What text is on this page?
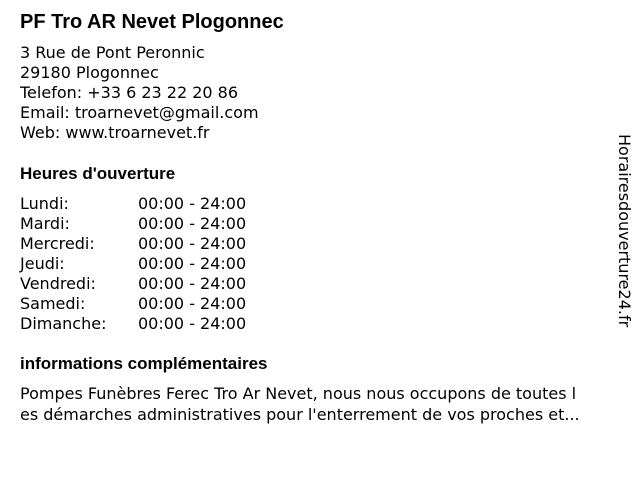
PF Tro AR Nevet Plogonnec
3 Rue de Pont Peronnic
29180 Plogonnec
Telefon: +33 6 23 22 20 86
Email: troarnevet@gmail.com
Web: www.troarnevet.fr
Heures d'ouverture
Lundi:	00:00 - 24:00
Mardi:	00:00 - 24:00
Mercredi:	00:00 - 24:00
Jeudi:	00:00 - 24:00
Vendredi:	00:00 - 24:00
Samedi:	00:00 - 24:00
Dimanche: 00:00 - 24:00
informations complémentaires
Pompes Funèbres Ferec Tro Ar Nevet, nous nous occupons de toutes l
es démarches administratives pour l'enterrement de vos proches et...
Horairesdouverture24.fr
